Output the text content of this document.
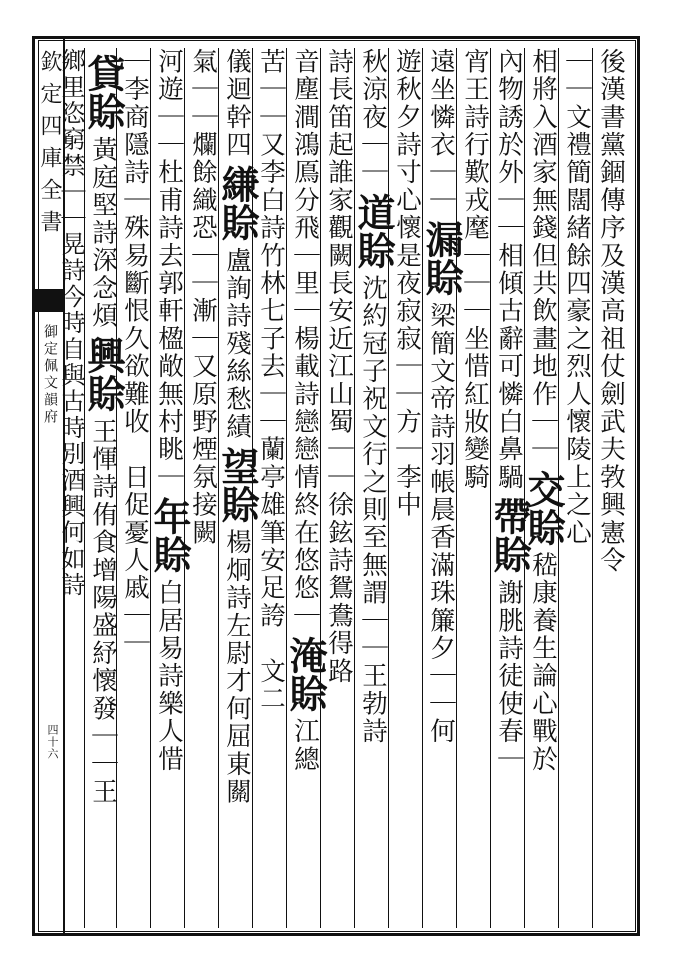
欽定四庫全書
御定佩文韻府
四十六
後漢書黨錮傳序及漢高祖仗劍武夫㪍興憲令
｜｜文禮簡闊緒餘四豪之烈人懷陵上之心
相將入酒家無錢但共飲畫地作｜｜交賒嵇康養生論心戰於
內物誘於外｜｜相傾古辭可憐白鼻騧帶賒謝朓詩徒使春｜
宵王詩行歎戎麾｜｜｜坐惜紅妝變騎
遠坐憐衣｜｜漏賒梁簡文帝詩羽帳晨香滿珠簾夕｜｜何
遊秋夕詩寸心懷是夜寂寂｜｜方｜李中
秋涼夜｜｜道賒沈約冠子祝文行之則至無謂｜｜王勃詩
詩長笛起誰家觀闕長安近江山蜀｜｜徐鉉詩鴛鴦得路
音塵澗鴻鳫分飛｜里｜楊載詩戀戀情終在悠悠｜淹賒江總
苦｜｜又李白詩竹林七子去｜｜蘭亭雄筆安足誇　文二
儀迴幹四縑賒盧詢詩殘絲愁績望賒楊炯詩左尉才何屈東關
氣｜｜爛餘織恐｜｜漸｜又原野煙氛接闕
河遊｜｜杜甫詩去郭軒楹敞無村眺｜年賒白居易詩樂人惜
｜李商隱詩｜殊易斷恨久欲難收　日促憂人戚｜｜
貸賒黃庭堅詩深念煩興賒王惲詩侑食增陽盛紓懷發｜｜王
鄉里恣窮禁｜｜晃詩今時自與古時別酒興何如詩
